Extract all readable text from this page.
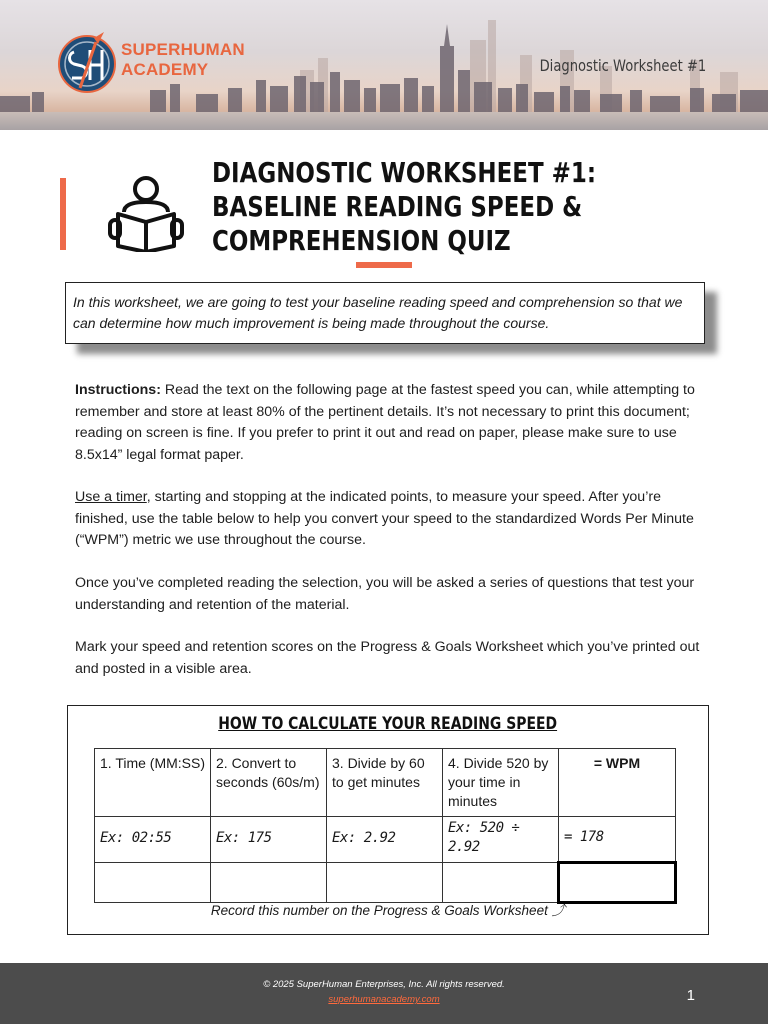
SUPERHUMAN
ACADEMY	Diagnostic Worksheet #1
DIAGNOSTIC WORKSHEET #1:
BASELINE READING SPEED &
COMPREHENSION QUIZ
In this worksheet, we are going to test your baseline reading speed and comprehension so that we can determine how much improvement is being made throughout the course.

Instructions: Read the text on the following page at the fastest speed you can, while attempting to remember and store at least 80% of the pertinent details. It’s not necessary to print this document; reading on screen is fine. If you prefer to print it out and read on paper, please make sure to use 8.5x14” legal format paper.

Use a timer, starting and stopping at the indicated points, to measure your speed. After you’re finished, use the table below to help you convert your speed to the standardized Words Per Minute (“WPM”) metric we use throughout the course.

Once you’ve completed reading the selection, you will be asked a series of questions that test your understanding and retention of the material.

Mark your speed and retention scores on the Progress & Goals Worksheet which you’ve printed out and posted in a visible area.

HOW TO CALCULATE YOUR READING SPEED
1. Time (MM:SS)	2. Convert to seconds (60s/m)	3. Divide by 60 to get minutes	4. Divide 520 by your time in minutes	= WPM
Ex: 02:55	Ex: 175	Ex: 2.92	Ex: 520 ÷ 2.92	= 178

Record this number on the Progress & Goals Worksheet ⤴
© 2025 SuperHuman Enterprises, Inc. All rights reserved.
superhumanacademy.com	1
